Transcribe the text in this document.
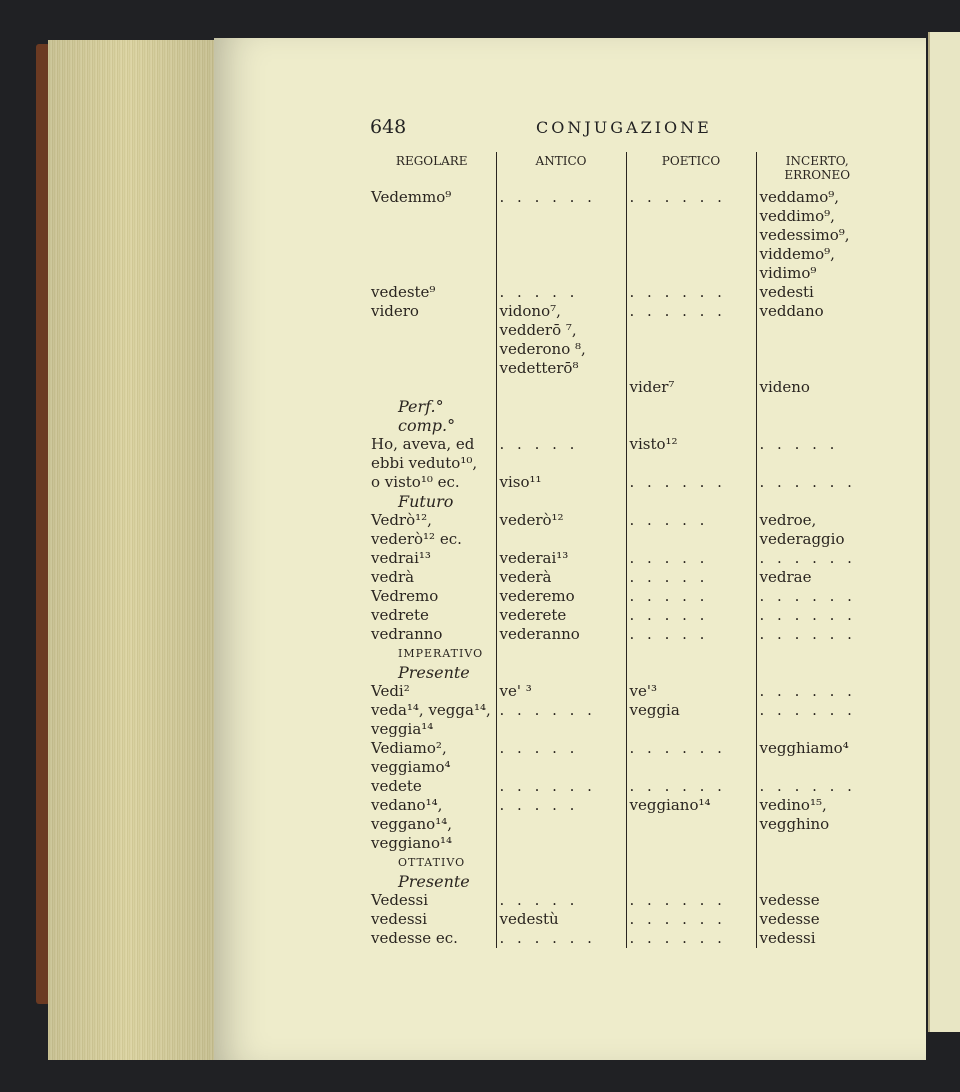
648	CONJUGAZIONE
REGOLARE	ANTICO	POETICO	INCERTO, ERRONEO
Vedemmo⁹	. . . . . .	. . . . . .	veddamo⁹, veddimo⁹, vedessimo⁹, viddemo⁹, vidimo⁹
vedeste⁹	. . . . .	. . . . . .	vedesti
videro	vidono⁷, vedderō ⁷, vederono ⁸, vedetterō⁸	. . . . . .	veddano
		vider⁷	videno
Perf.° comp.°			
Ho, aveva, ed ebbi veduto¹⁰,	. . . . .	visto¹²	. . . . .
o visto¹⁰ ec.	viso¹¹	. . . . . .	. . . . . .
Futuro			
Vedrò¹², vederò¹² ec.	vederò¹²	. . . . .	vedroe, vederaggio
vedrai¹³	vederai¹³	. . . . .	. . . . . .
vedrà	vederà	. . . . .	vedrae
Vedremo	vederemo	. . . . .	. . . . . .
vedrete	vederete	. . . . .	. . . . . .
vedranno	vederanno	. . . . .	. . . . . .
IMPERATIVO			
Presente			
Vedi²	ve' ³	ve'³	. . . . . .
veda¹⁴, vegga¹⁴, veggia¹⁴	. . . . . .	veggia	. . . . . .
Vediamo², veggiamo⁴	. . . . .	. . . . . .	vegghiamo⁴
vedete	. . . . . .	. . . . . .	. . . . . .
vedano¹⁴, vegganо¹⁴, veggiano¹⁴	. . . . .	veggiano¹⁴	vedino¹⁵, vegghino
OTTATIVO			
Presente			
Vedessi	. . . . .	. . . . . .	vedesse
vedessi	vedestù	. . . . . .	vedesse
vedesse ec.	. . . . . .	. . . . . .	vedessi
